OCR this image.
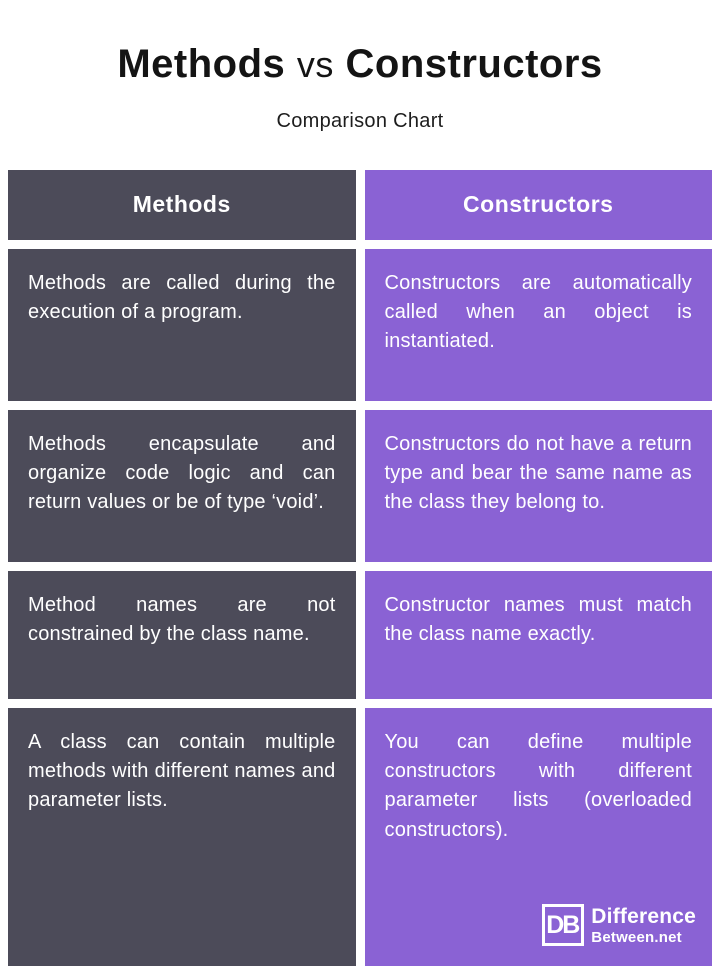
Methods vs Constructors
Comparison Chart
Methods	Constructors
Methods are called during the execution of a program.
Constructors are automatically called when an object is instantiated.
Methods encapsulate and organize code logic and can return values or be of type ‘void’.
Constructors do not have a return type and bear the same name as the class they belong to.
Method names are not constrained by the class name.
Constructor names must match the class name exactly.
A class can contain multiple methods with different names and parameter lists.
You can define multiple constructors with different parameter lists (overloaded constructors).
DB Difference
Between.net
